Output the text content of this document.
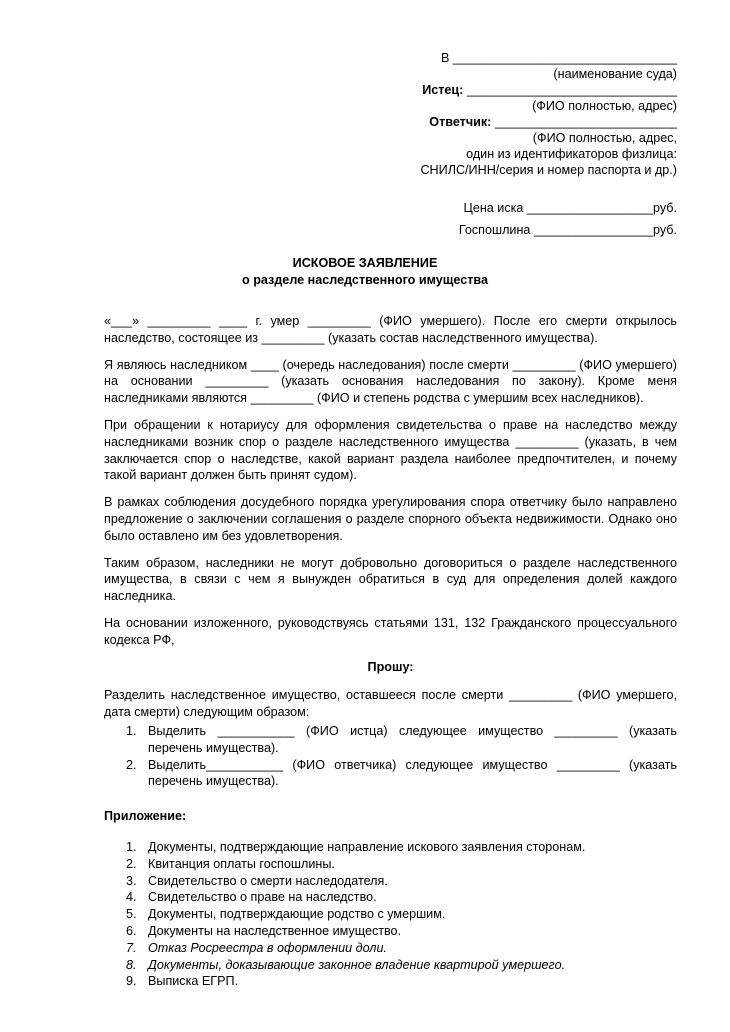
В ________________________________
(наименование суда)
Истец: ______________________________
(ФИО полностью, адрес)
Ответчик: __________________________
(ФИО полностью, адрес,
один из идентификаторов физлица:
СНИЛС/ИНН/серия и номер паспорта и др.)
Цена иска __________________руб.
Госпошлина _________________руб.
ИСКОВОЕ ЗАЯВЛЕНИЕ
о разделе наследственного имущества

«___» _________ ____ г. умер _________ (ФИО умершего). После его смерти открылось наследство, состоящее из _________ (указать состав наследственного имущества).

Я являюсь наследником ____ (очередь наследования) после смерти _________ (ФИО умершего) на основании _________ (указать основания наследования по закону). Кроме меня наследниками являются _________ (ФИО и степень родства с умершим всех наследников).

При обращении к нотариусу для оформления свидетельства о праве на наследство между наследниками возник спор о разделе наследственного имущества _________ (указать, в чем заключается спор о наследстве, какой вариант раздела наиболее предпочтителен, и почему такой вариант должен быть принят судом).

В рамках соблюдения досудебного порядка урегулирования спора ответчику было направлено предложение о заключении соглашения о разделе спорного объекта недвижимости. Однако оно было оставлено им без удовлетворения.

Таким образом, наследники не могут добровольно договориться о разделе наследственного имущества, в связи с чем я вынужден обратиться в суд для определения долей каждого наследника.

На основании изложенного, руководствуясь статьями 131, 132 Гражданского процессуального кодекса РФ,

Прошу:

Разделить наследственное имущество, оставшееся после смерти _________ (ФИО умершего, дата смерти) следующим образом:

1. Выделить ___________ (ФИО истца) следующее имущество _________ (указать перечень имущества).
2. Выделить___________ (ФИО ответчика) следующее имущество _________ (указать перечень имущества).

Приложение:

1. Документы, подтверждающие направление искового заявления сторонам.
2. Квитанция оплаты госпошлины.
3. Свидетельство о смерти наследодателя.
4. Свидетельство о праве на наследство.
5. Документы, подтверждающие родство с умершим.
6. Документы на наследственное имущество.
7. Отказ Росреестра в оформлении доли.
8. Документы, доказывающие законное владение квартирой умершего.
9. Выписка ЕГРП.
